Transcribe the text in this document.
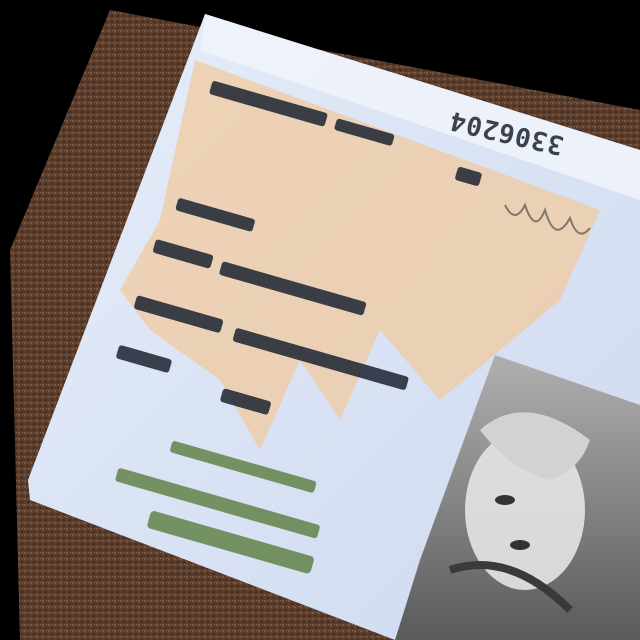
3306204
